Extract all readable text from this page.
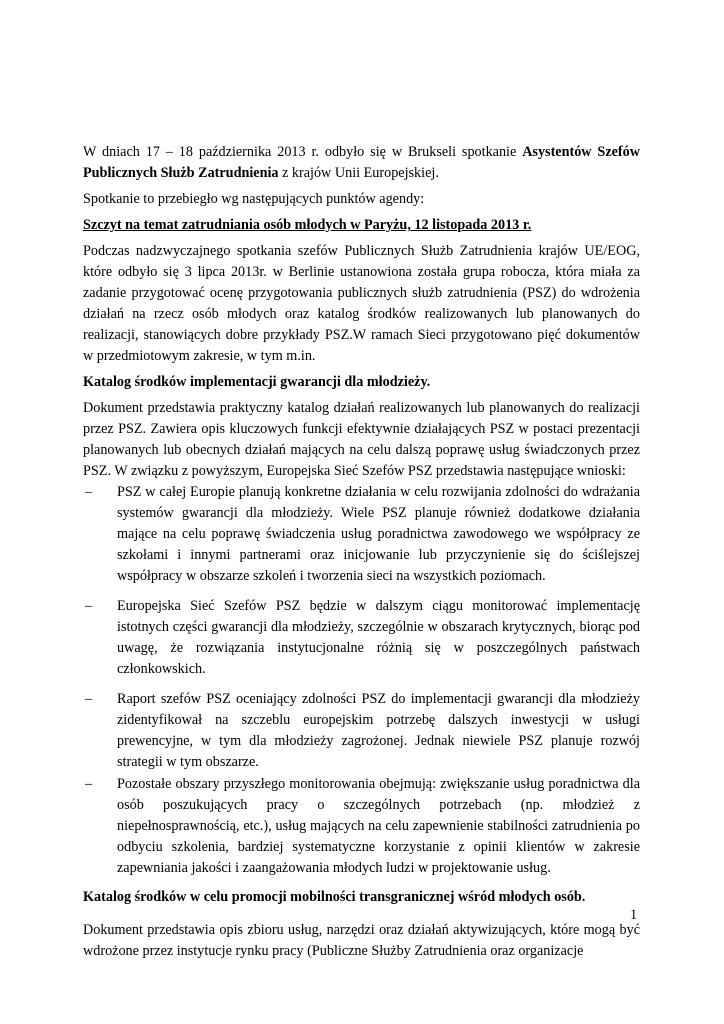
W dniach 17 – 18 października 2013 r. odbyło się w Brukseli spotkanie Asystentów Szefów Publicznych Służb Zatrudnienia z krajów Unii Europejskiej.

Spotkanie to przebiegło wg następujących punktów agendy:

Szczyt na temat zatrudniania osób młodych w Paryżu, 12 listopada 2013 r.

Podczas nadzwyczajnego spotkania szefów Publicznych Służb Zatrudnienia krajów UE/EOG, które odbyło się 3 lipca 2013r. w Berlinie ustanowiona została grupa robocza, która miała za zadanie przygotować ocenę przygotowania publicznych służb zatrudnienia (PSZ) do wdrożenia działań na rzecz osób młodych oraz katalog środków realizowanych lub planowanych do realizacji, stanowiących dobre przykłady PSZ.W ramach Sieci przygotowano pięć dokumentów w przedmiotowym zakresie, w tym m.in.

Katalog środków implementacji gwarancji dla młodzieży.

Dokument przedstawia praktyczny katalog działań realizowanych lub planowanych do realizacji przez PSZ. Zawiera opis kluczowych funkcji efektywnie działających PSZ w postaci prezentacji planowanych lub obecnych działań mających na celu dalszą poprawę usług świadczonych przez PSZ. W związku z powyższym, Europejska Sieć Szefów PSZ przedstawia następujące wnioski:

– PSZ w całej Europie planują konkretne działania w celu rozwijania zdolności do wdrażania systemów gwarancji dla młodzieży. Wiele PSZ planuje również dodatkowe działania mające na celu poprawę świadczenia usług poradnictwa zawodowego we współpracy ze szkołami i innymi partnerami oraz inicjowanie lub przyczynienie się do ściślejszej współpracy w obszarze szkoleń i tworzenia sieci na wszystkich poziomach.
– Europejska Sieć Szefów PSZ będzie w dalszym ciągu monitorować implementację istotnych części gwarancji dla młodzieży, szczególnie w obszarach krytycznych, biorąc pod uwagę, że rozwiązania instytucjonalne różnią się w poszczególnych państwach członkowskich.
– Raport szefów PSZ oceniający zdolności PSZ do implementacji gwarancji dla młodzieży zidentyfikował na szczeblu europejskim potrzebę dalszych inwestycji w usługi prewencyjne, w tym dla młodzieży zagrożonej. Jednak niewiele PSZ planuje rozwój strategii w tym obszarze.
– Pozostałe obszary przyszłego monitorowania obejmują: zwiększanie usług poradnictwa dla osób poszukujących pracy o szczególnych potrzebach (np. młodzież z niepełnosprawnością, etc.), usług mających na celu zapewnienie stabilności zatrudnienia po odbyciu szkolenia, bardziej systematyczne korzystanie z opinii klientów w zakresie zapewniania jakości i zaangażowania młodych ludzi w projektowanie usług.

Katalog środków w celu promocji mobilności transgranicznej wśród młodych osób.

Dokument przedstawia opis zbioru usług, narzędzi oraz działań aktywizujących, które mogą być wdrożone przez instytucje rynku pracy (Publiczne Służby Zatrudnienia oraz organizacje

1
